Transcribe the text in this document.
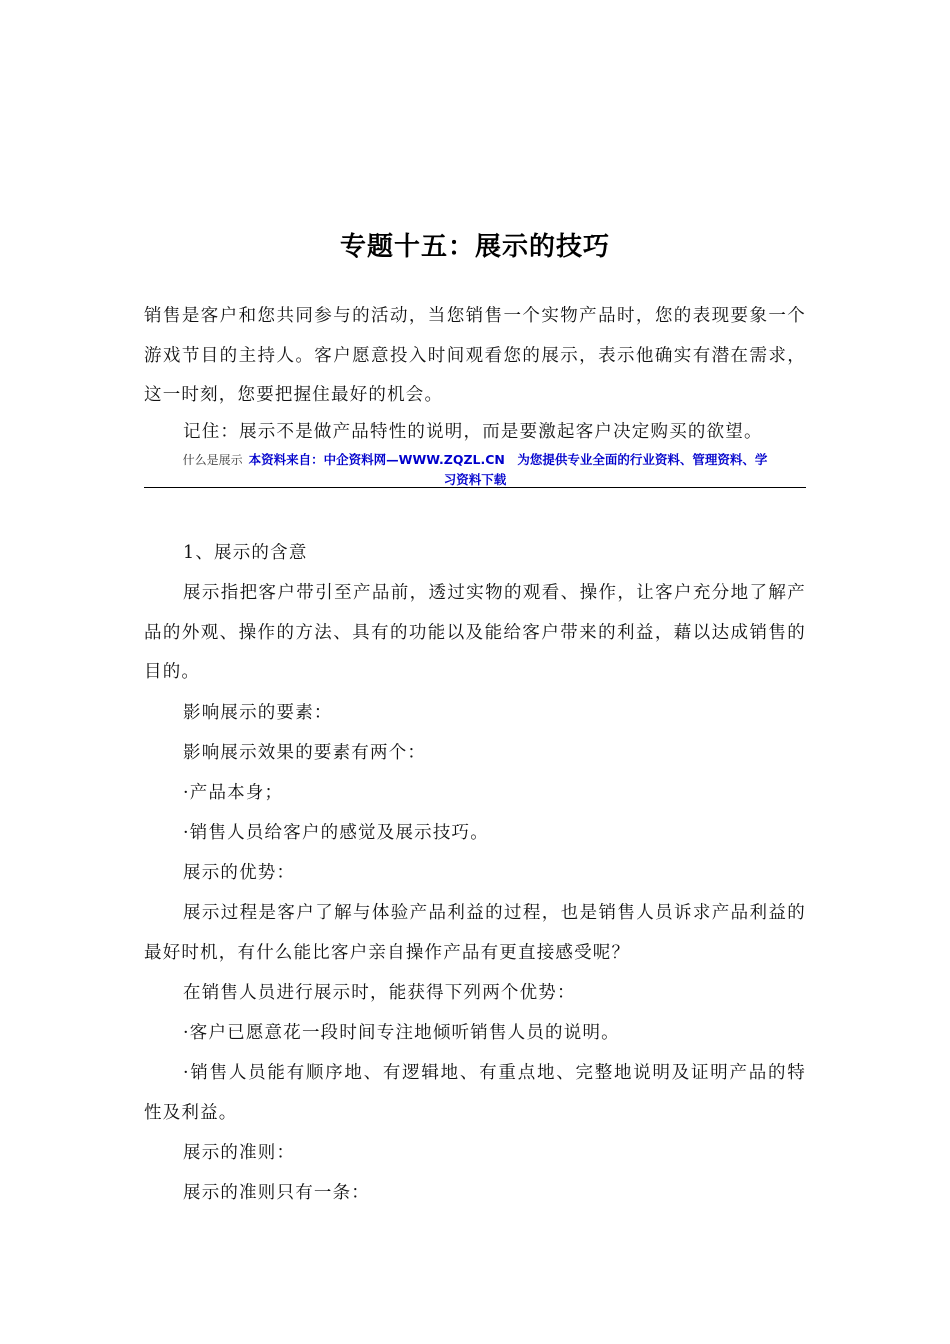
专题十五：展示的技巧

销售是客户和您共同参与的活动，当您销售一个实物产品时，您的表现要象一个游戏节目的主持人。客户愿意投入时间观看您的展示，表示他确实有潜在需求，这一时刻，您要把握住最好的机会。

记住：展示不是做产品特性的说明，而是要激起客户决定购买的欲望。

什么是展示 本资料来自：中企资料网—WWW.ZQZL.CN　为您提供专业全面的行业资料、管理资料、学
习资料下载

1、展示的含意

展示指把客户带引至产品前，透过实物的观看、操作，让客户充分地了解产品的外观、操作的方法、具有的功能以及能给客户带来的利益，藉以达成销售的目的。

影响展示的要素：

影响展示效果的要素有两个：

·产品本身；

·销售人员给客户的感觉及展示技巧。

展示的优势：

展示过程是客户了解与体验产品利益的过程，也是销售人员诉求产品利益的最好时机，有什么能比客户亲自操作产品有更直接感受呢？

在销售人员进行展示时，能获得下列两个优势：

·客户已愿意花一段时间专注地倾听销售人员的说明。

·销售人员能有顺序地、有逻辑地、有重点地、完整地说明及证明产品的特性及利益。

展示的准则：

展示的准则只有一条：
